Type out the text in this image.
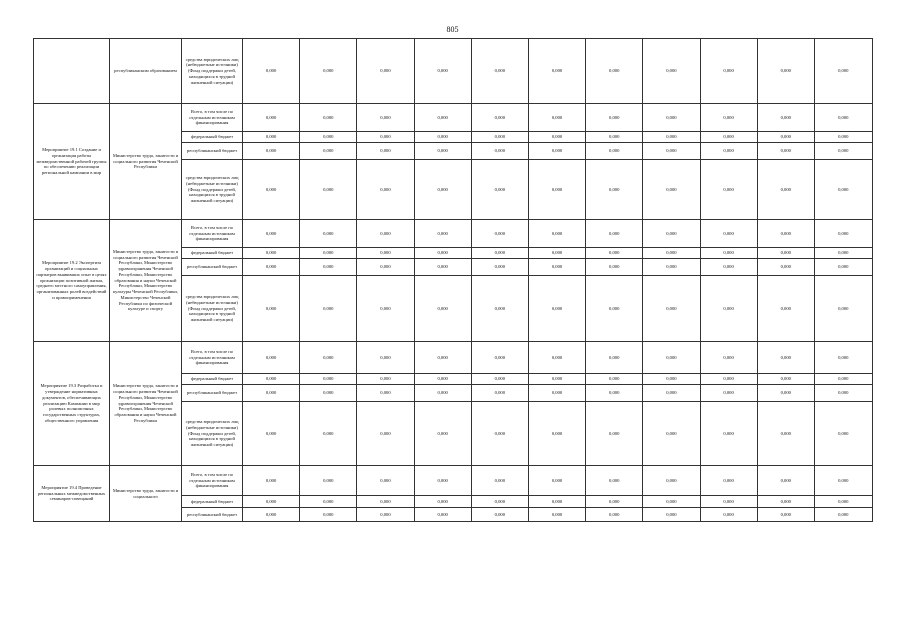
805
	республиканским образованием	средства юридических лиц (небюджетные источники) (Фонд поддержки детей, находящихся в трудной жизненной ситуации)	0,000	0,000	0,000	0,000	0,000	0,000	0,000	0,000	0,000	0,000	0,000
Мероприятие 19.1 Создание и организация работы межведомственной рабочей группы по обеспечению реализации региональной кампании в мир	Министерство труда, занятости и социального развития Чеченской Республики	Всего, в том числе по отдельным источникам финансирования	0,000	0,000	0,000	0,000	0,000	0,000	0,000	0,000	0,000	0,000	0,000
		федеральный бюджет	0,000	0,000	0,000	0,000	0,000	0,000	0,000	0,000	0,000	0,000	0,000
		республиканский бюджет	0,000	0,000	0,000	0,000	0,000	0,000	0,000	0,000	0,000	0,000	0,000
		средства юридических лиц (небюджетные источники) (Фонд поддержки детей, находящихся в трудной жизненной ситуации)	0,000	0,000	0,000	0,000	0,000	0,000	0,000	0,000	0,000	0,000	0,000
Мероприятие 19.2 Экспертиза организаций и социальных партнеров выявивших опыт в целях организации позитивной жизни, среднего местного самоуправления, организованных ролей воздействий и правоприменения	Министерство труда, занятости и социального развития Чеченской Республики, Министерство здравоохранения Чеченской Республики, Министерство образования и науки Чеченской Республики, Министерство культуры Чеченской Республики, Министерство Чеченской Республики по физической культуре и спорту	Всего, в том числе по отдельным источникам финансирования	0,000	0,000	0,000	0,000	0,000	0,000	0,000	0,000	0,000	0,000	0,000
		федеральный бюджет	0,000	0,000	0,000	0,000	0,000	0,000	0,000	0,000	0,000	0,000	0,000
		республиканский бюджет	0,000	0,000	0,000	0,000	0,000	0,000	0,000	0,000	0,000	0,000	0,000
		средства юридических лиц (небюджетные источники) (Фонд поддержки детей, находящихся в трудной жизненной ситуации)	0,000	0,000	0,000	0,000	0,000	0,000	0,000	0,000	0,000	0,000	0,000
Мероприятие 19.3 Разработка и утверждение нормативных документов, обеспечивающих реализацию Кампании в мир ролевых полномочных государственных структурах, общественного управления	Министерство труда, занятости и социального развития Чеченской Республики, Министерство здравоохранения Чеченской Республики, Министерство образования и науки Чеченской Республики	Всего, в том числе по отдельным источникам финансирования	0,000	0,000	0,000	0,000	0,000	0,000	0,000	0,000	0,000	0,000	0,000
		федеральный бюджет	0,000	0,000	0,000	0,000	0,000	0,000	0,000	0,000	0,000	0,000	0,000
		республиканский бюджет	0,000	0,000	0,000	0,000	0,000	0,000	0,000	0,000	0,000	0,000	0,000
		средства юридических лиц (небюджетные источники) (Фонд поддержки детей, находящихся в трудной жизненной ситуации)	0,000	0,000	0,000	0,000	0,000	0,000	0,000	0,000	0,000	0,000	0,000
Мероприятие 19.4 Проведение региональных межведомственных семинаров-совещаний	Министерство труда, занятости и социального	Всего, в том числе по отдельным источникам финансирования	0,000	0,000	0,000	0,000	0,000	0,000	0,000	0,000	0,000	0,000	0,000
		федеральный бюджет	0,000	0,000	0,000	0,000	0,000	0,000	0,000	0,000	0,000	0,000	0,000
		республиканский бюджет	0,000	0,000	0,000	0,000	0,000	0,000	0,000	0,000	0,000	0,000	0,000
